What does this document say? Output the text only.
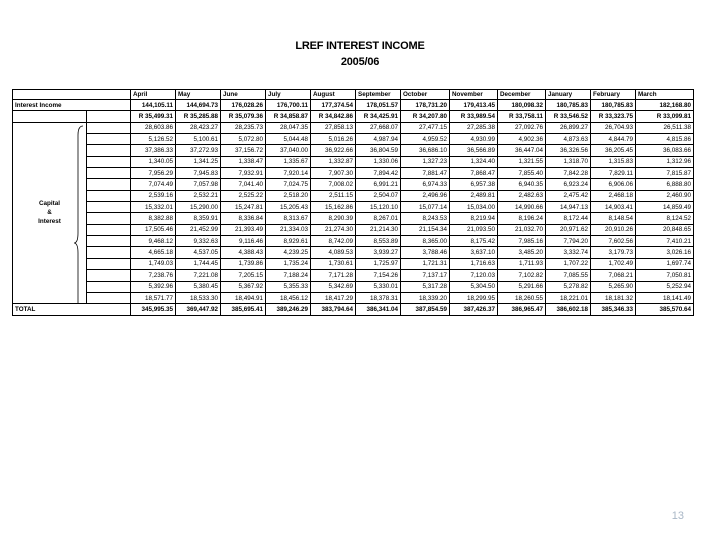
LREF INTEREST INCOME
2005/06
		April	May	June	July	August	September	October	November	December	January	February	March	
Interest Income		144,105.11	144,694.73	176,028.26	176,700.11	177,374.54	178,051.57	178,731.20	179,413.45	180,098.32	180,785.83	180,785.83	182,168.80	
		R 35,499.31	R 35,285.88	R 35,079.36	R 34,858.87	R 34,842.86	R 34,425.91	R 34,207.80	R 33,989.54	R 33,758.11	R 33,546.52	R 33,323.75	R 33,099.81	

Capital
&
Interest		28,603.86	28,423.27	28,235.73	28,047.35	27,858.13	27,668.07	27,477.15	27,285.38	27,092.76	26,899.27	26,704.93	26,511.38	
		5,126.52	5,100.61	5,072.80	5,044.48	5,016.26	4,987.94	4,959.52	4,930.99	4,902.36	4,873.63	4,844.79	4,815.86	
		37,386.33	37,272.93	37,156.72	37,040.00	36,922.66	36,804.59	36,686.10	36,566.89	36,447.04	36,326.56	36,205.45	36,083.66	
		1,340.05	1,341.25	1,338.47	1,335.67	1,332.87	1,330.06	1,327.23	1,324.40	1,321.55	1,318.70	1,315.83	1,312.96	
		7,956.29	7,945.83	7,932.91	7,920.14	7,907.30	7,894.42	7,881.47	7,868.47	7,855.40	7,842.28	7,829.11	7,815.87	
		7,074.49	7,057.98	7,041.40	7,024.75	7,008.02	6,991.21	6,974.33	6,957.38	6,940.35	6,923.24	6,906.06	6,888.80	
		2,539.16	2,532.21	2,525.22	2,518.20	2,511.15	2,504.07	2,496.96	2,489.81	2,482.63	2,475.42	2,468.18	2,460.90	
		15,332.01	15,290.00	15,247.81	15,205.43	15,162.86	15,120.10	15,077.14	15,034.00	14,990.66	14,947.13	14,903.41	14,859.49	
		8,382.88	8,359.91	8,336.84	8,313.67	8,290.39	8,267.01	8,243.53	8,219.94	8,196.24	8,172.44	8,148.54	8,124.52	
		17,505.46	21,452.99	21,393.49	21,334.03	21,274.30	21,214.30	21,154.34	21,093.50	21,032.70	20,971.62	20,910.26	20,848.65	
		9,468.12	9,332.63	9,116.46	8,929.61	8,742.09	8,553.89	8,365.00	8,175.42	7,985.16	7,794.20	7,602.56	7,410.21	
		4,665.18	4,537.05	4,388.43	4,239.25	4,089.53	3,939.27	3,788.46	3,637.10	3,485.20	3,332.74	3,179.73	3,026.16	
		1,749.03	1,744.45	1,739.86	1,735.24	1,730.61	1,725.97	1,721.31	1,716.63	1,711.93	1,707.22	1,702.49	1,697.74	
		7,238.76	7,221.08	7,205.15	7,188.24	7,171.28	7,154.26	7,137.17	7,120.03	7,102.82	7,085.55	7,068.21	7,050.81	
		5,392.96	5,380.45	5,367.92	5,355.33	5,342.69	5,330.01	5,317.28	5,304.50	5,291.66	5,278.82	5,265.90	5,252.94	
		18,571.77	18,533.30	18,494.91	18,456.12	18,417.29	18,378.31	18,339.20	18,299.95	18,260.55	18,221.01	18,181.32	18,141.49	
TOTAL		345,995.35	369,447.92	385,695.41	389,246.29	383,794.64	386,341.04	387,854.59	387,426.37	386,965.47	386,602.18	385,346.33	385,570.64	
13
